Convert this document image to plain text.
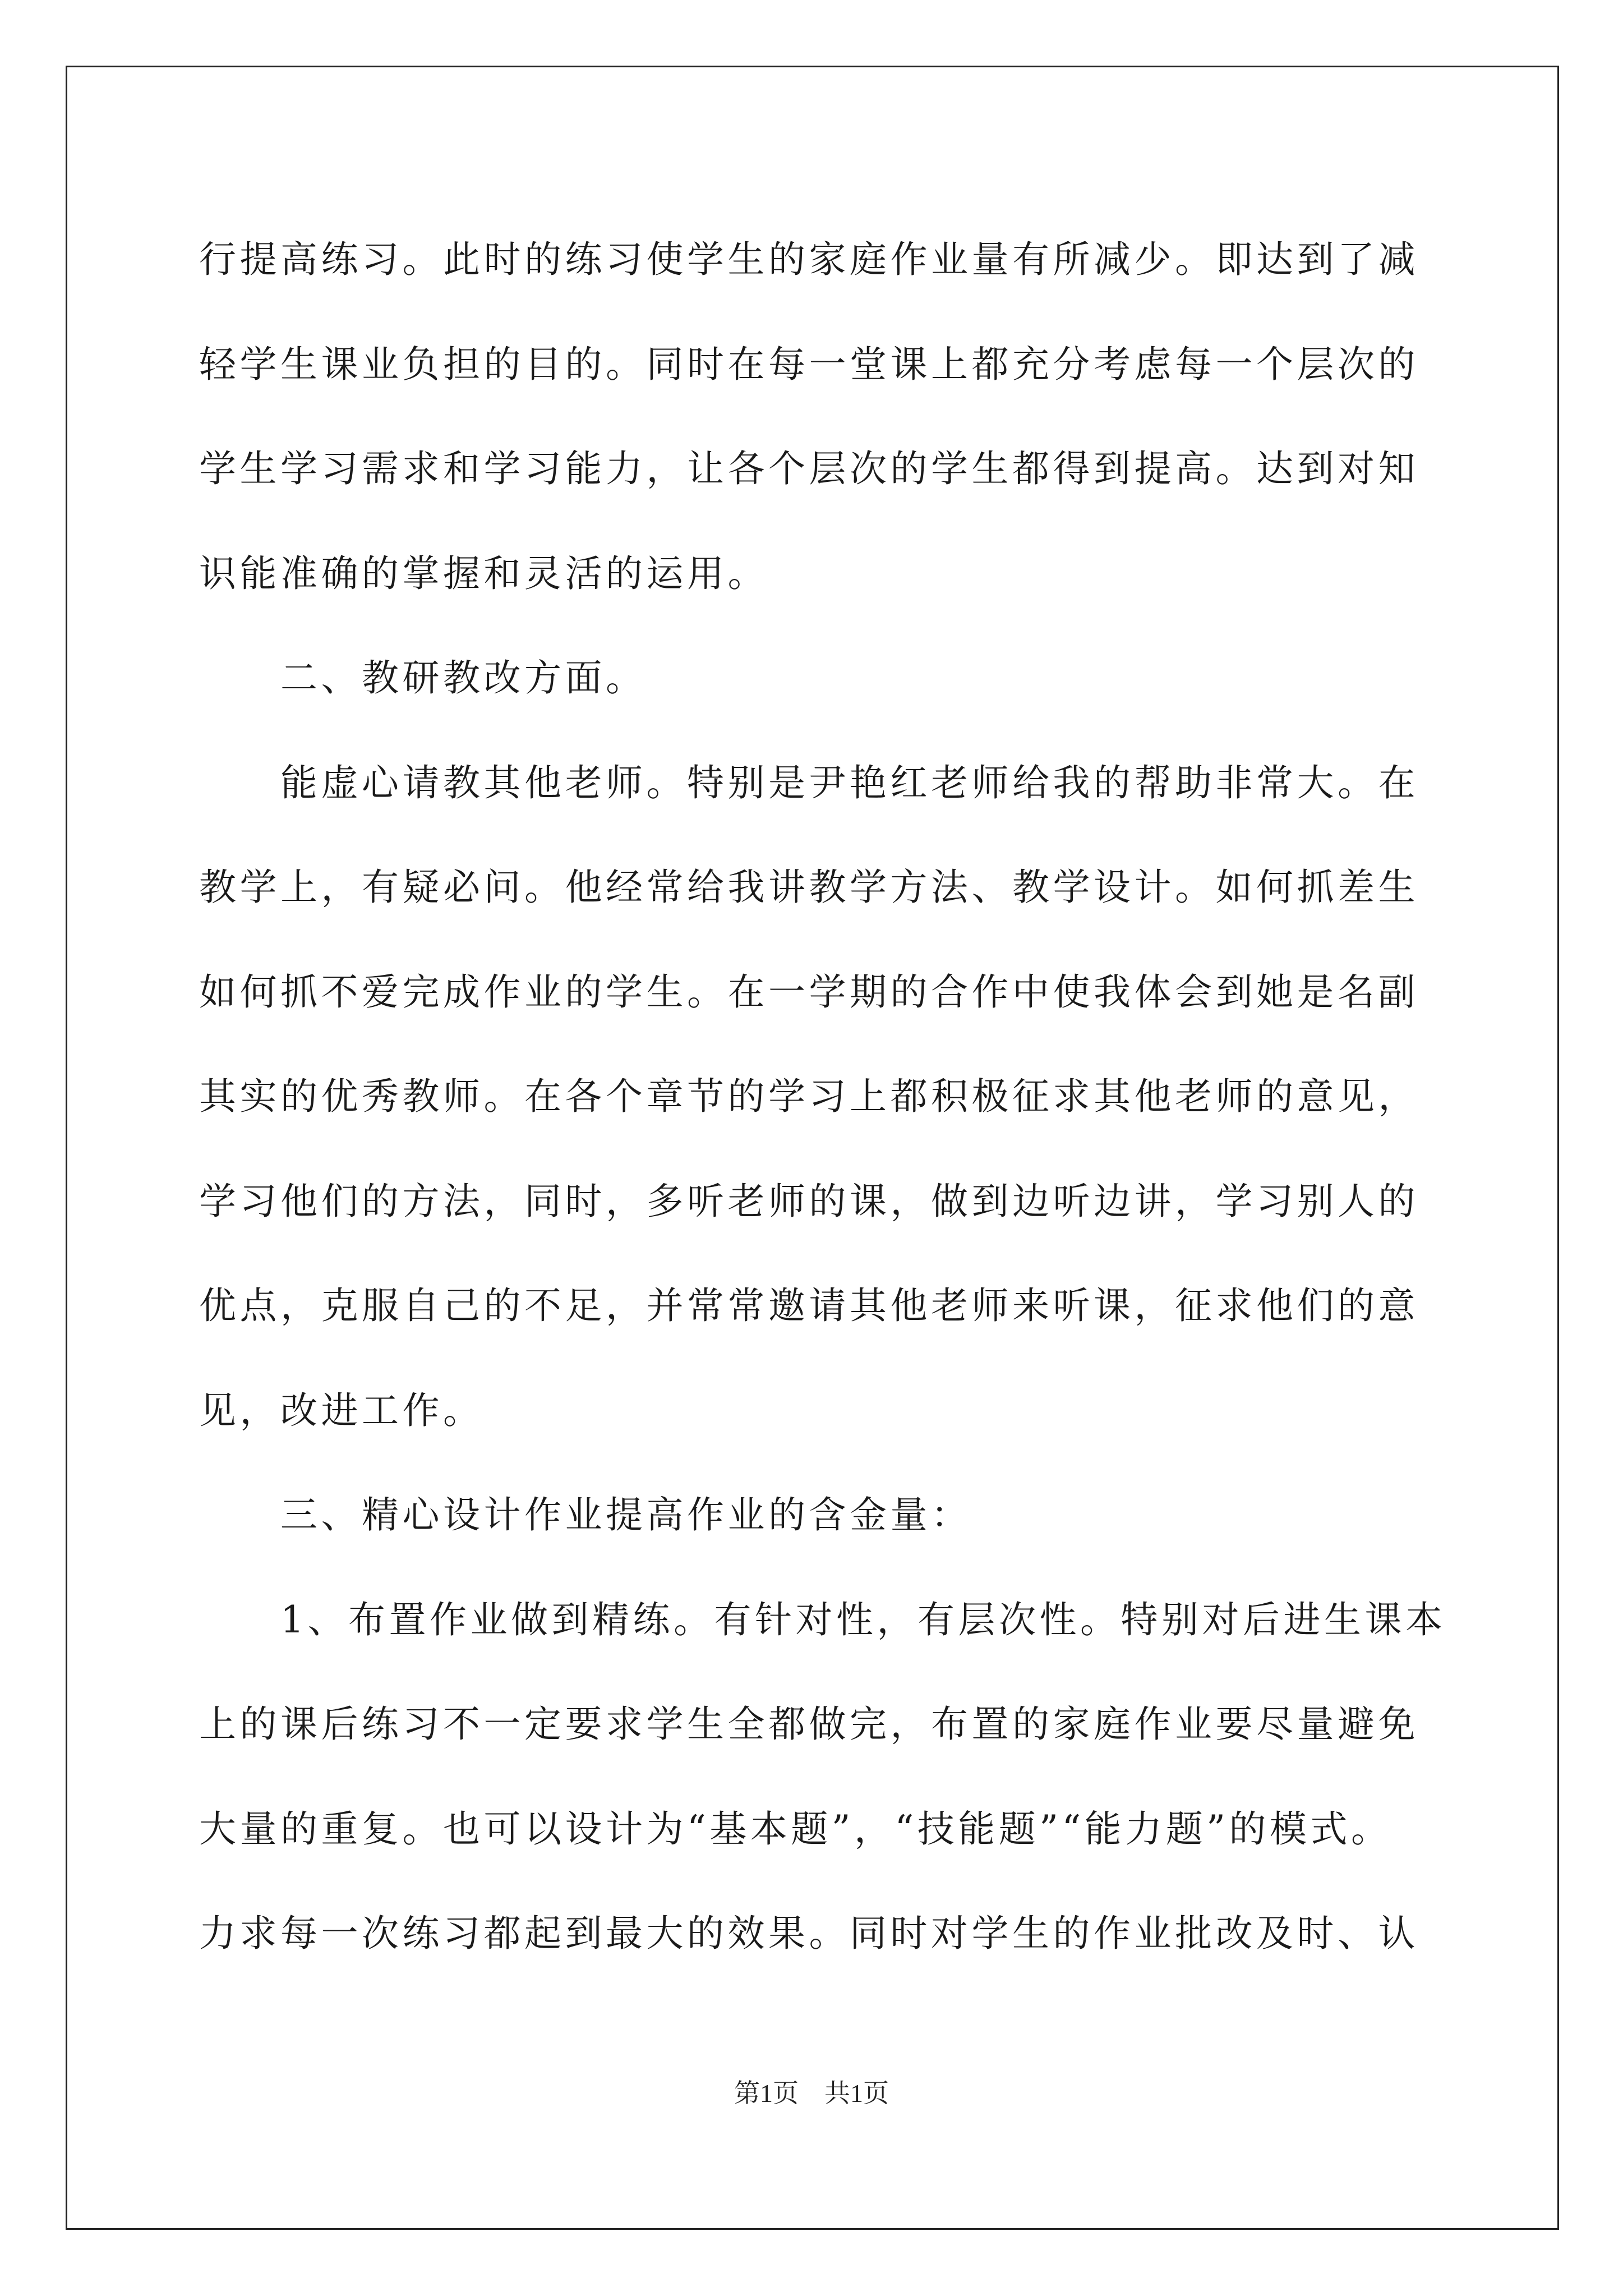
行提高练习。此时的练习使学生的家庭作业量有所减少。即达到了减

轻学生课业负担的目的。同时在每一堂课上都充分考虑每一个层次的

学生学习需求和学习能力，让各个层次的学生都得到提高。达到对知

识能准确的掌握和灵活的运用。

二、教研教改方面。

能虚心请教其他老师。特别是尹艳红老师给我的帮助非常大。在

教学上，有疑必问。他经常给我讲教学方法、教学设计。如何抓差生

如何抓不爱完成作业的学生。在一学期的合作中使我体会到她是名副

其实的优秀教师。在各个章节的学习上都积极征求其他老师的意见，

学习他们的方法，同时，多听老师的课，做到边听边讲，学习别人的

优点，克服自己的不足，并常常邀请其他老师来听课，征求他们的意

见，改进工作。

三、精心设计作业提高作业的含金量：

1、布置作业做到精练。有针对性，有层次性。特别对后进生课本

上的课后练习不一定要求学生全都做完，布置的家庭作业要尽量避免

大量的重复。也可以设计为“基本题”，“技能题”“能力题”的模式。

力求每一次练习都起到最大的效果。同时对学生的作业批改及时、认

第1页　共1页
